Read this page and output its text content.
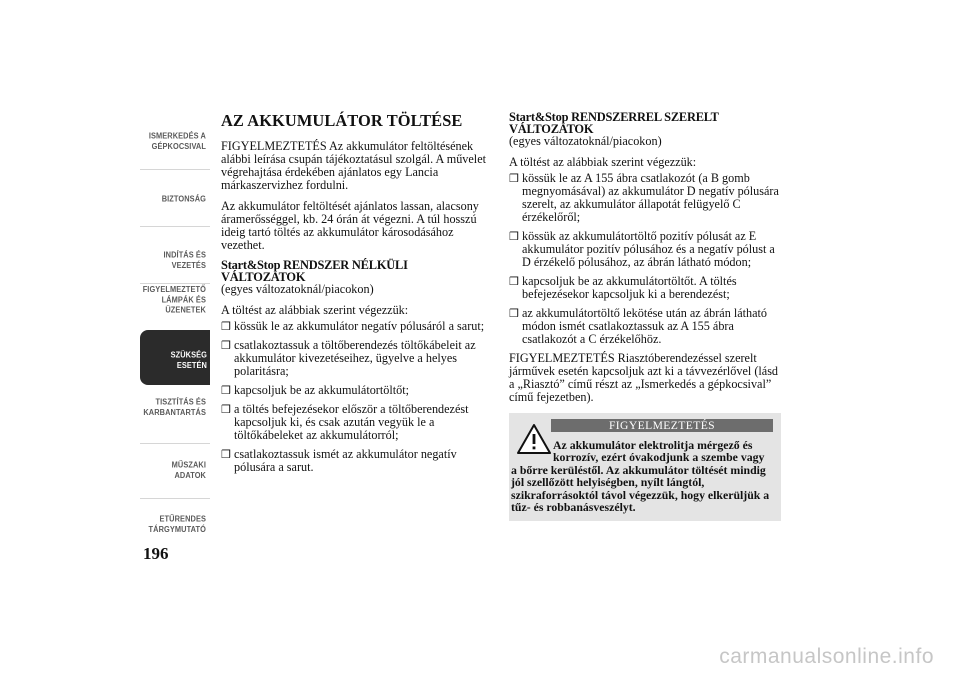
ISMERKEDÉS A
GÉPKOCSIVAL
BIZTONSÁG
INDÍTÁS ÉS
VEZETÉS
FIGYELMEZTETŐ
LÁMPÁK ÉS
ÜZENETEK
SZÜKSÉG ESETÉN
TISZTÍTÁS ÉS
KARBANTARTÁS
MŰSZAKI ADATOK
ETŰRENDES
TÁRGYMUTATÓ
196
AZ AKKUMULÁTOR TÖLTÉSE

FIGYELMEZTETÉS Az akkumulátor feltöltésének alábbi leírása csupán tájékoztatásul szolgál. A művelet végrehajtása érdekében ajánlatos egy Lancia márkaszervizhez fordulni.

Az akkumulátor feltöltését ajánlatos lassan, alacsony áramerősséggel, kb. 24 órán át végezni. A túl hosszú ideig tartó töltés az akkumulátor károsodásához vezethet.

Start&Stop RENDSZER NÉLKÜLI VÁLTOZATOK
(egyes változatoknál/piacokon)

A töltést az alábbiak szerint végezzük:

❒ kössük le az akkumulátor negatív pólusáról a sarut;
❒ csatlakoztassuk a töltőberendezés töltőkábeleit az akkumulátor kivezetéseihez, ügyelve a helyes polaritásra;
❒ kapcsoljuk be az akkumulátortöltőt;
❒ a töltés befejezésekor először a töltőberendezést kapcsoljuk ki, és csak azután vegyük le a töltőkábeleket az akkumulátorról;
❒ csatlakoztassuk ismét az akkumulátor negatív pólusára a sarut.
Start&Stop RENDSZERREL SZERELT VÁLTOZATOK
(egyes változatoknál/piacokon)

A töltést az alábbiak szerint végezzük:

❒ kössük le az A 155 ábra csatlakozót (a B gomb megnyomásával) az akkumulátor D negatív pólusára szerelt, az akkumulátor állapotát felügyelő C érzékelőről;
❒ kössük az akkumulátortöltő pozitív pólusát az E akkumulátor pozitív pólusához és a negatív pólust a D érzékelő pólusához, az ábrán látható módon;
❒ kapcsoljuk be az akkumulátortöltőt. A töltés befejezésekor kapcsoljuk ki a berendezést;
❒ az akkumulátortöltő lekötése után az ábrán látható módon ismét csatlakoztassuk az A 155 ábra csatlakozót a C érzékelőhöz.

FIGYELMEZTETÉS Riasztóberendezéssel szerelt járművek esetén kapcsoljuk azt ki a távvezérlővel (lásd a „Riasztó” című részt az „Ismerkedés a gépkocsival” című fejezetben).

FIGYELMEZTETÉS
Az akkumulátor elektrolitja mérgező és
korrozív, ezért óvakodjunk a szembe vagy
a bőrre kerüléstől. Az akkumulátor töltését mindig jól szellőzött helyiségben, nyílt lángtól, szikraforrásoktól távol végezzük, hogy elkerüljük a tűz- és robbanásveszélyt.
carmanualsonline.info
